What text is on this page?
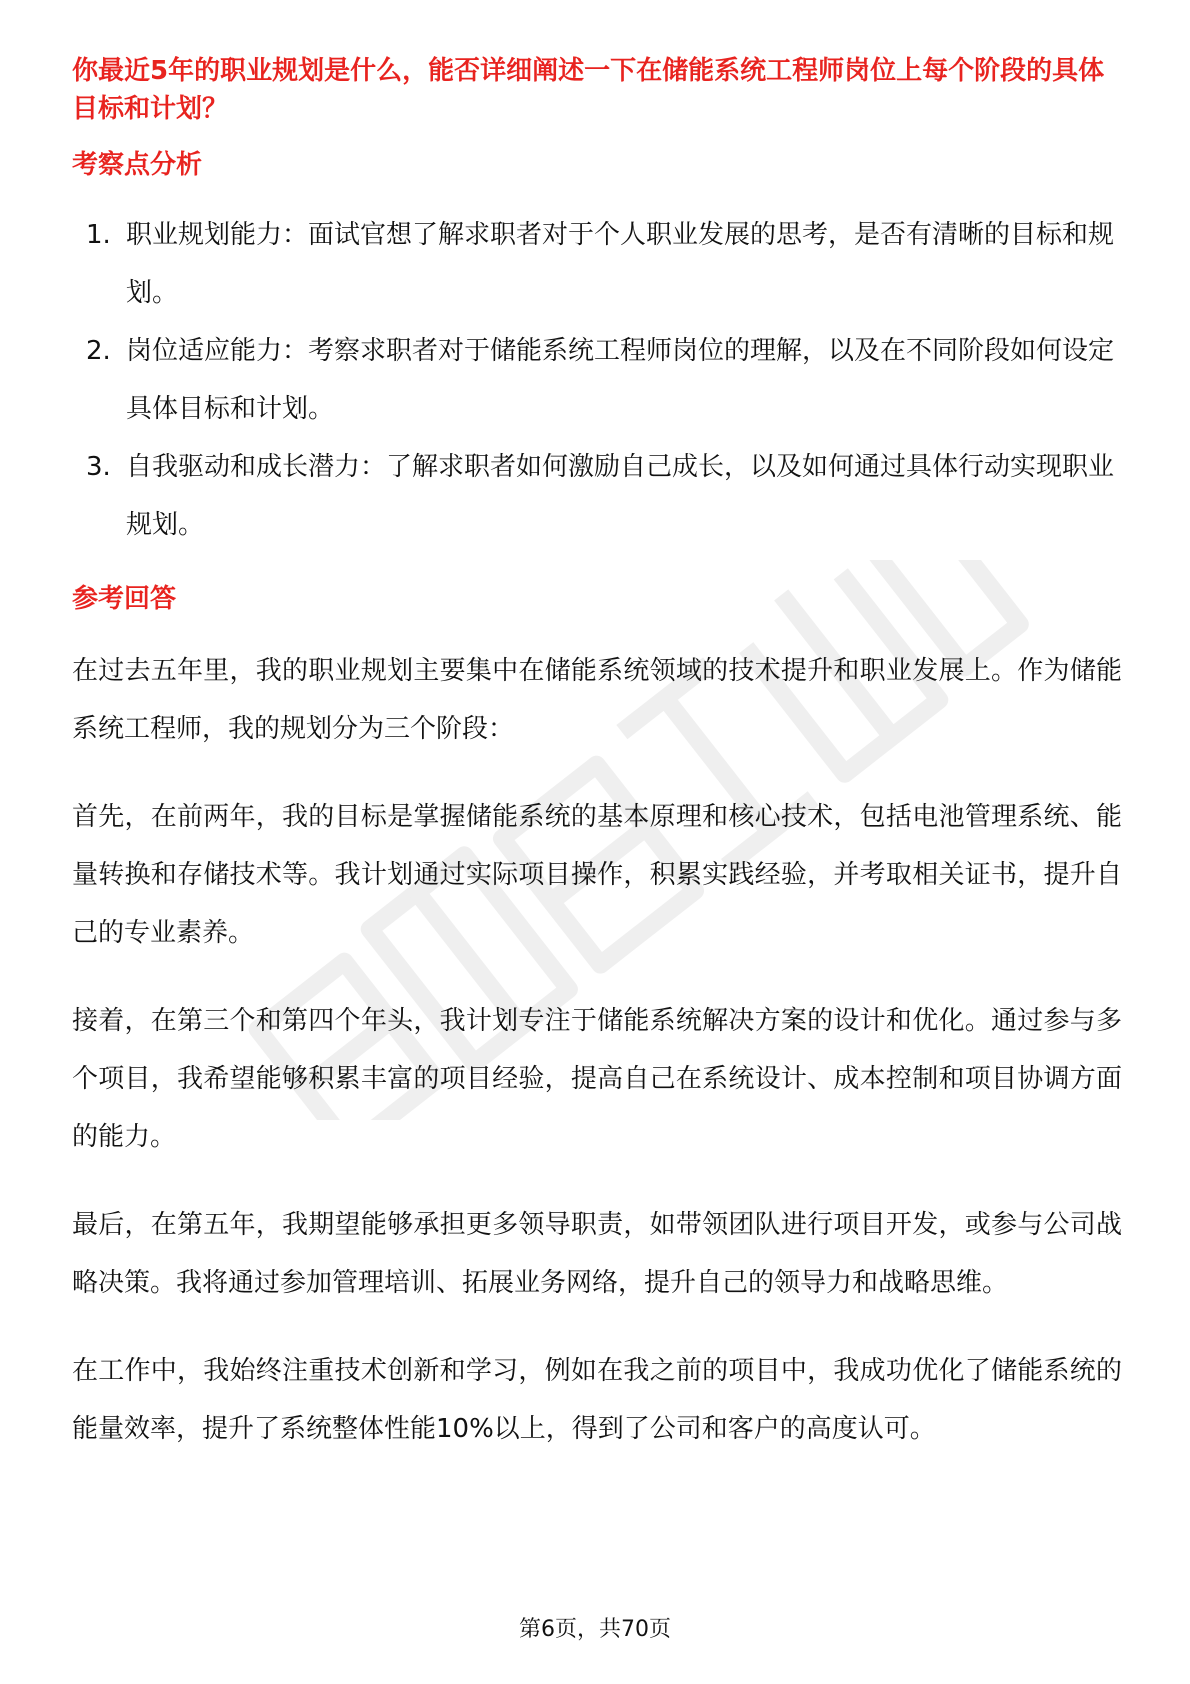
你最近5年的职业规划是什么，能否详细阐述一下在储能系统工程师岗位上每个阶段的具体目标和计划？
考察点分析
1. 职业规划能力：面试官想了解求职者对于个人职业发展的思考，是否有清晰的目标和规划。
2. 岗位适应能力：考察求职者对于储能系统工程师岗位的理解，以及在不同阶段如何设定具体目标和计划。
3. 自我驱动和成长潜力：了解求职者如何激励自己成长，以及如何通过具体行动实现职业规划。
参考回答

在过去五年里，我的职业规划主要集中在储能系统领域的技术提升和职业发展上。作为储能系统工程师，我的规划分为三个阶段：

首先，在前两年，我的目标是掌握储能系统的基本原理和核心技术，包括电池管理系统、能量转换和存储技术等。我计划通过实际项目操作，积累实践经验，并考取相关证书，提升自己的专业素养。

接着，在第三个和第四个年头，我计划专注于储能系统解决方案的设计和优化。通过参与多个项目，我希望能够积累丰富的项目经验，提高自己在系统设计、成本控制和项目协调方面的能力。

最后，在第五年，我期望能够承担更多领导职责，如带领团队进行项目开发，或参与公司战略决策。我将通过参加管理培训、拓展业务网络，提升自己的领导力和战略思维。

在工作中，我始终注重技术创新和学习，例如在我之前的项目中，我成功优化了储能系统的能量效率，提升了系统整体性能10%以上，得到了公司和客户的高度认可。

第6页，共70页
